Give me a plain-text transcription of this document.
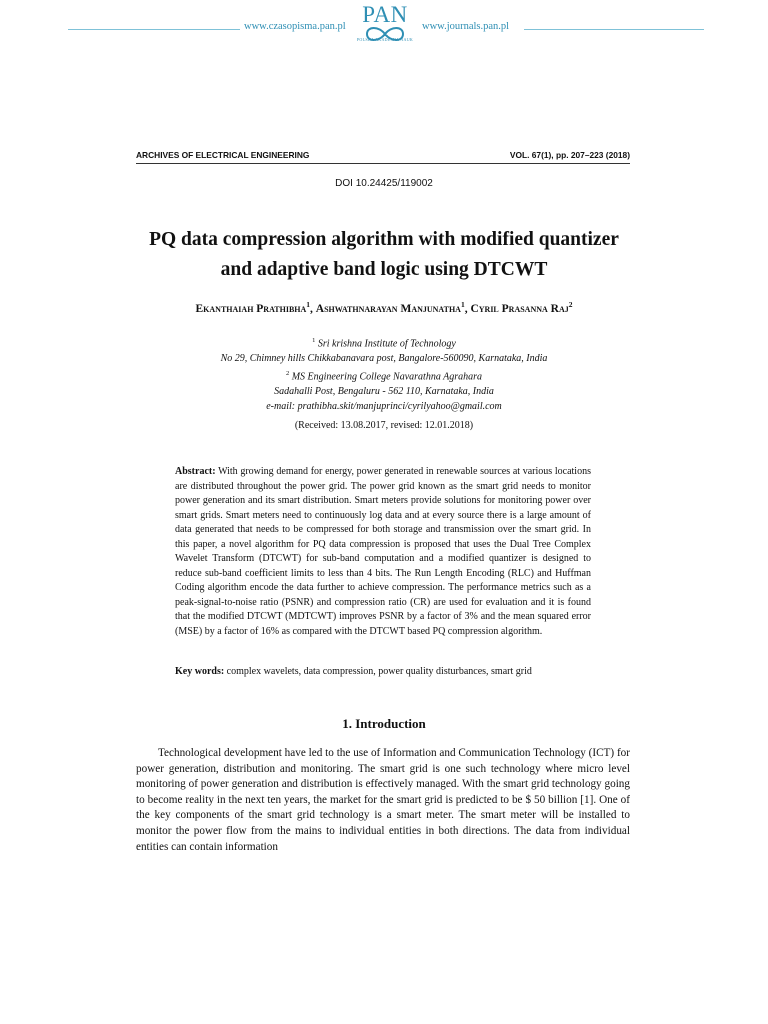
www.czasopisma.pan.pl PAN
POLSKA AKADEMIA NAUK
www.journals.pan.pl
ARCHIVES OF ELECTRICAL ENGINEERING	VOL. 67(1), pp. 207–223 (2018)
DOI 10.24425/119002
PQ data compression algorithm with modified quantizer
and adaptive band logic using DTCWT
Ekanthaiah Prathibha$^1$, Ashwathnarayan Manjunatha$^1$, Cyril Prasanna Raj$^2$
$^1$ Sri krishna Institute of Technology
No 29, Chimney hills Chikkabanavara post, Bangalore-560090, Karnataka, India
$^2$ MS Engineering College Navarathna Agrahara
Sadahalli Post, Bengaluru - 562 110, Karnataka, India
e-mail: prathibha.skit/manjuprinci/cyrilyahoo@gmail.com
(Received: 13.08.2017, revised: 12.01.2018)
Abstract: With growing demand for energy, power generated in renewable sources at various locations are distributed throughout the power grid. The power grid known as the smart grid needs to monitor power generation and its smart distribution. Smart meters provide solutions for monitoring power over smart grids. Smart meters need to continuously log data and at every source there is a large amount of data generated that needs to be compressed for both storage and transmission over the smart grid. In this paper, a novel algorithm for PQ data compression is proposed that uses the Dual Tree Complex Wavelet Transform (DTCWT) for sub-band computation and a modified quantizer is designed to reduce sub-band coefficient limits to less than 4 bits. The Run Length Encoding (RLC) and Huffman Coding algorithm encode the data further to achieve compression. The performance metrics such as a peak-signal-to-noise ratio (PSNR) and compression ratio (CR) are used for evaluation and it is found that the modified DTCWT (MDTCWT) improves PSNR by a factor of 3% and the mean squared error (MSE) by a factor of 16% as compared with the DTCWT based PQ compression algorithm.
Key words: complex wavelets, data compression, power quality disturbances, smart grid
1. Introduction

Technological development have led to the use of Information and Communication Technology (ICT) for power generation, distribution and monitoring. The smart grid is one such technology where micro level monitoring of power generation and distribution is effectively managed. With the smart grid technology going to become reality in the next ten years, the market for the smart grid is predicted to be $ 50 billion [1]. One of the key components of the smart grid technology is a smart meter. The smart meter will be installed to monitor the power flow from the mains to individual entities in both directions. The data from individual entities can contain information
